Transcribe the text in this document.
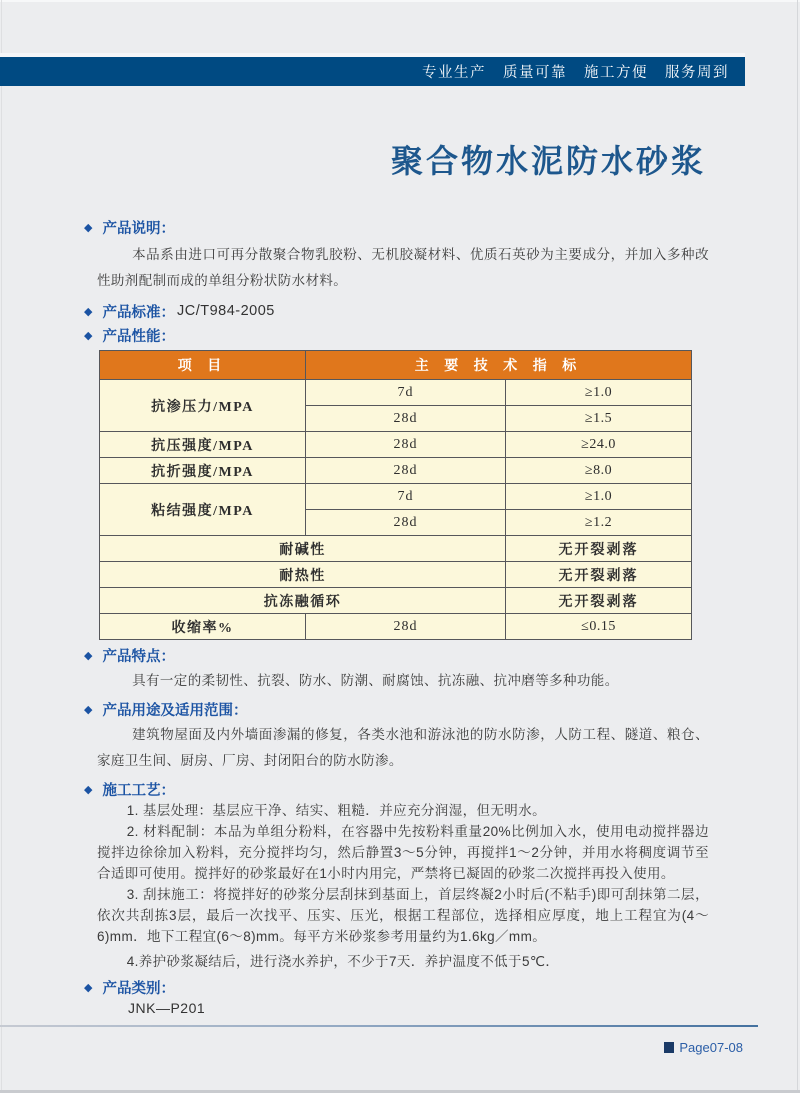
专业生产 质量可靠 施工方便 服务周到
聚合物水泥防水砂浆
◆ 产品说明：

本品系由进口可再分散聚合物乳胶粉、无机胶凝材料、优质石英砂为主要成分，并加入多种改性助剂配制而成的单组分粉状防水材料。

◆ 产品标准： JC/T984-2005
◆ 产品性能：
项 目	主 要 技 术 指 标	
抗渗压力/MPA	7d	≥1.0
	28d	≥1.5
抗压强度/MPA	28d	≥24.0
抗折强度/MPA	28d	≥8.0
粘结强度/MPA	7d	≥1.0
	28d	≥1.2
耐碱性		无开裂剥落
耐热性		无开裂剥落
抗冻融循环		无开裂剥落
收缩率%	28d	≤0.15
◆ 产品特点：

具有一定的柔韧性、抗裂、防水、防潮、耐腐蚀、抗冻融、抗冲磨等多种功能。

◆ 产品用途及适用范围：

建筑物屋面及内外墙面渗漏的修复，各类水池和游泳池的防水防渗，人防工程、隧道、粮仓、家庭卫生间、厨房、厂房、封闭阳台的防水防渗。

◆ 施工工艺：

1. 基层处理：基层应干净、结实、粗糙．并应充分润湿，但无明水。

2. 材料配制：本品为单组分粉料，在容器中先按粉料重量20%比例加入水，使用电动搅拌器边搅拌边徐徐加入粉料，充分搅拌均匀，然后静置3～5分钟，再搅拌1～2分钟，并用水将稠度调节至合适即可使用。搅拌好的砂浆最好在1小时内用完，严禁将已凝固的砂浆二次搅拌再投入使用。

3. 刮抹施工：将搅拌好的砂浆分层刮抹到基面上，首层终凝2小时后(不粘手)即可刮抹第二层，依次共刮拣3层，最后一次找平、压实、压光，根据工程部位，选择相应厚度，地上工程宜为(4～6)mm．地下工程宜(6～8)mm。每平方米砂浆参考用量约为1.6kg／mm。

4.养护砂浆凝结后，进行浇水养护，不少于7天．养护温度不低于5℃．

◆ 产品类别：

JNK—P201

Page07-08
